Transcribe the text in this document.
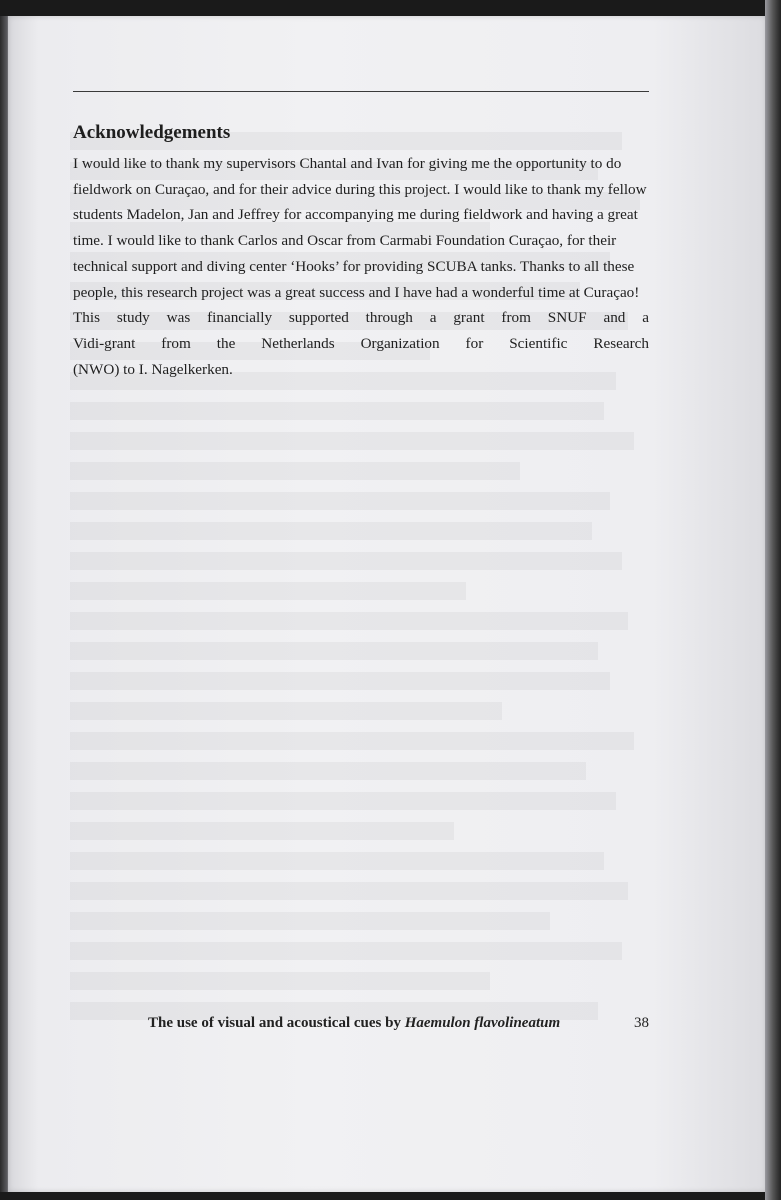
Acknowledgements
I would like to thank my supervisors Chantal and Ivan for giving me the opportunity to do
fieldwork on Curaçao, and for their advice during this project. I would like to thank my fellow
students Madelon, Jan and Jeffrey for accompanying me during fieldwork and having a great
time. I would like to thank Carlos and Oscar from Carmabi Foundation Curaçao, for their
technical support and diving center ‘Hooks’ for providing SCUBA tanks. Thanks to all these
people, this research project was a great success and I have had a wonderful time at Curaçao!
This study was financially supported through a grant from SNUF and a
Vidi-grant from the Netherlands Organization for Scientific Research
(NWO) to I. Nagelkerken.
The use of visual and acoustical cues by Haemulon flavolineatum	38
